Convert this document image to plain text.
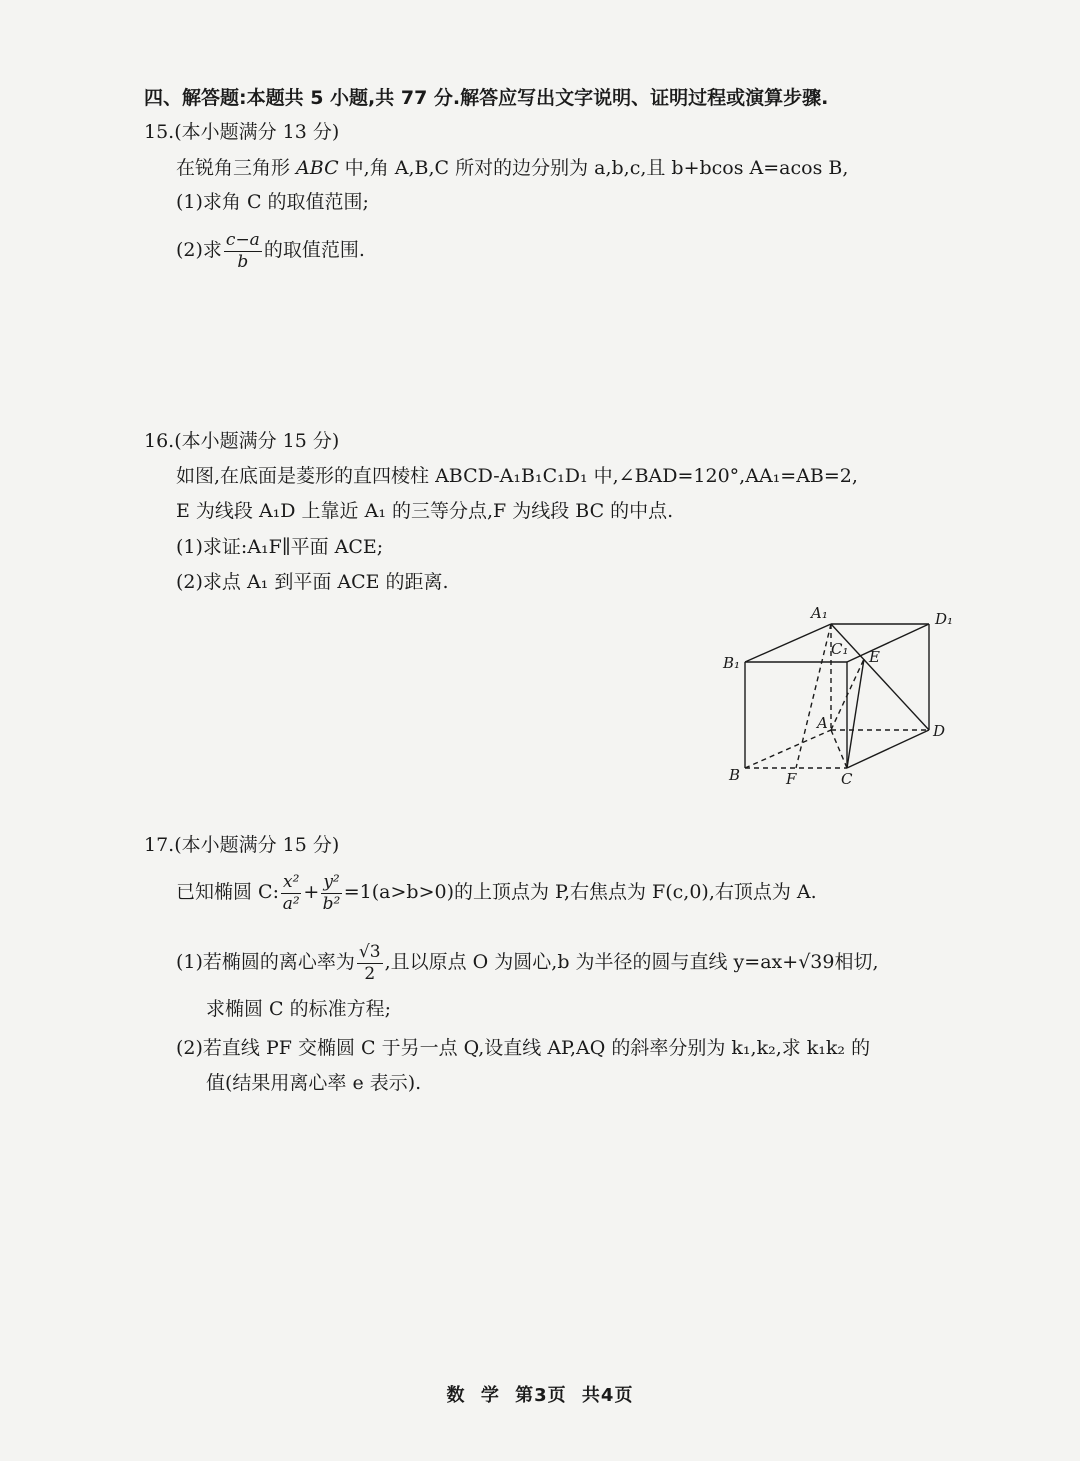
四、解答题:本题共 5 小题,共 77 分.解答应写出文字说明、证明过程或演算步骤.
15.(本小题满分 13 分)
在锐角三角形 ABC 中,角 A,B,C 所对的边分别为 a,b,c,且 b+bcos A=acos B,
(1)求角 C 的取值范围;
(2)求 $\frac{c-a}{b}$ 的取值范围.
16.(本小题满分 15 分)
如图,在底面是菱形的直四棱柱 ABCD-A₁B₁C₁D₁ 中,∠BAD=120°,AA₁=AB=2,
E 为线段 A₁D 上靠近 A₁ 的三等分点,F 为线段 BC 的中点.
(1)求证:A₁F∥平面 ACE;
(2)求点 A₁ 到平面 ACE 的距离.
A₁	D₁
C₁ E
B₁
A	D
B	F	C
17.(本小题满分 15 分)
已知椭圆 C: $\frac{\text{x²}}{\text{a²}} + \frac{\text{y²}}{\text{b²}} =1(a>b>0)$的上顶点为 P,右焦点为 F(c,0),右顶点为 A.
(1)若椭圆的离心率为 $\frac{√3}{2}$ ,且以原点 O 为圆心,b 为半径的圆与直线 y=ax+√39相切,
求椭圆 C 的标准方程;
(2)若直线 PF 交椭圆 C 于另一点 Q,设直线 AP,AQ 的斜率分别为 k₁,k₂,求 k₁k₂ 的
值(结果用离心率 e 表示).
数 学 第3页 共4页
